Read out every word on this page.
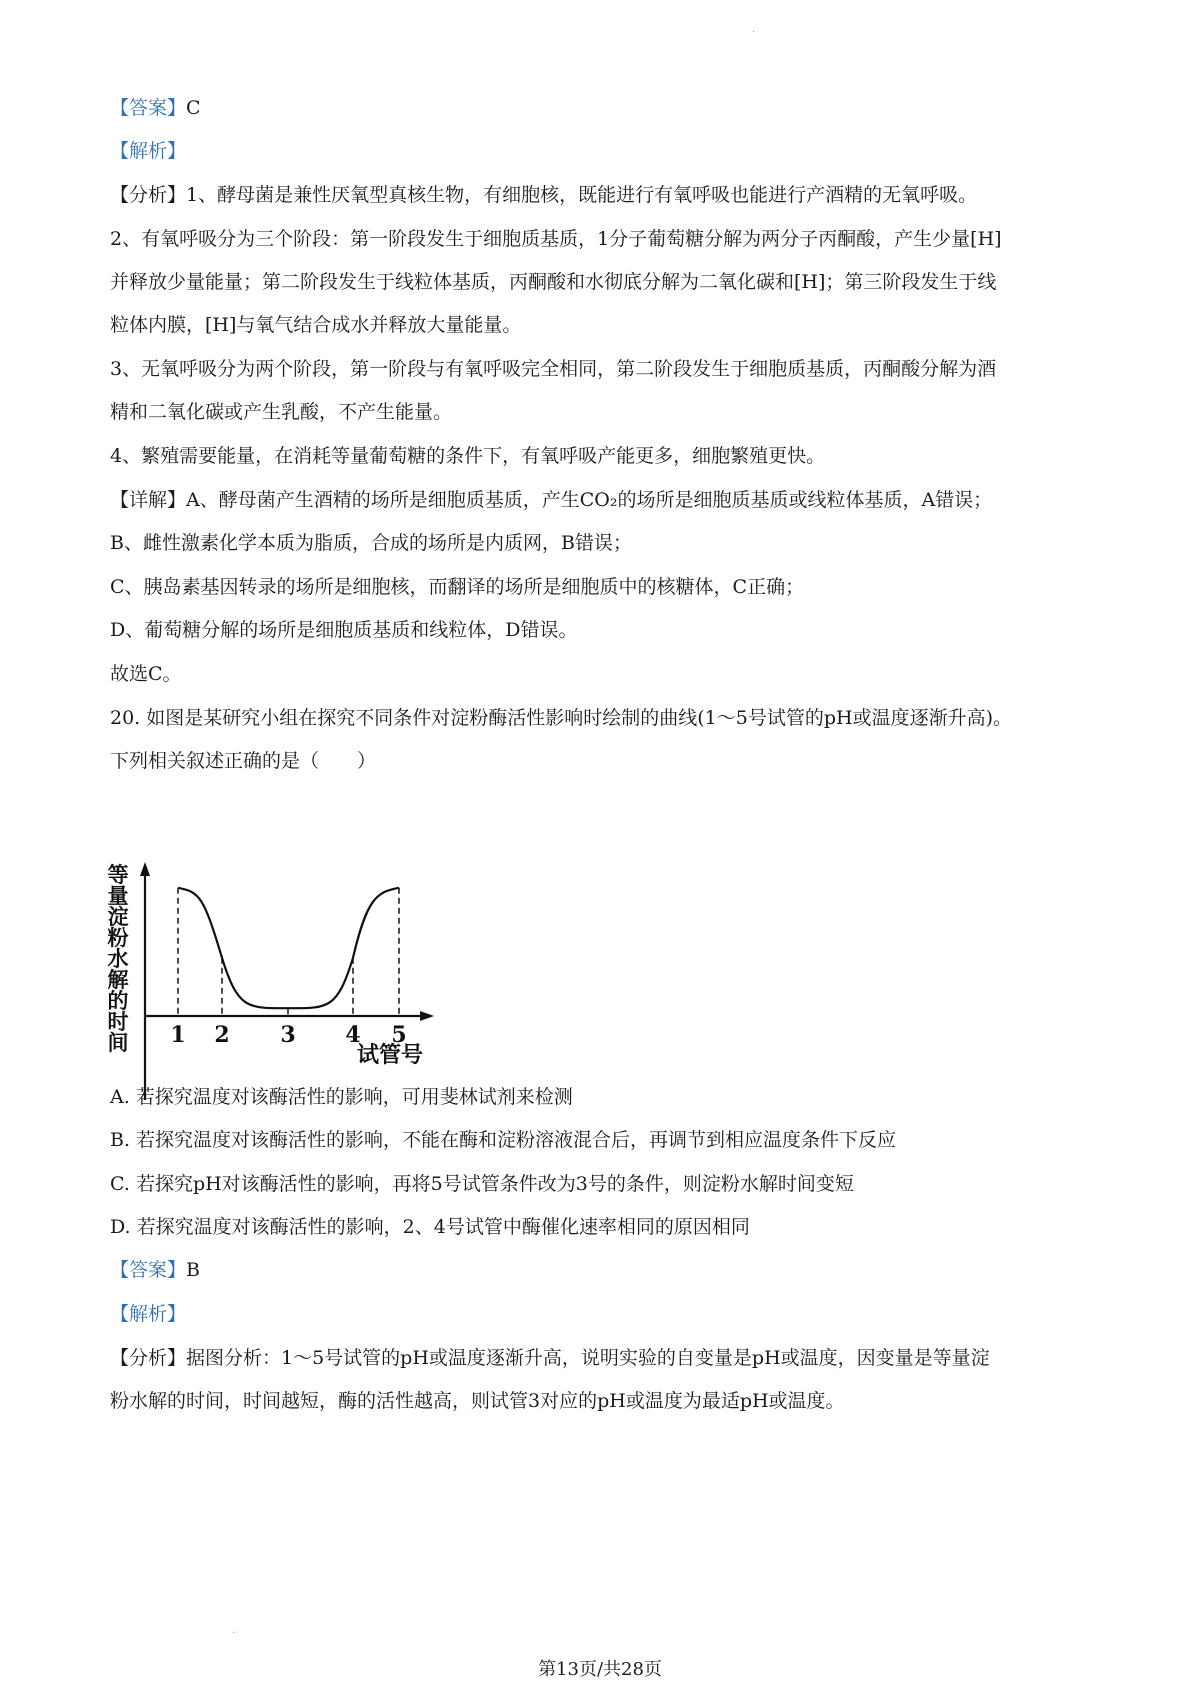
.
【答案】C
【解析】
【分析】1、酵母菌是兼性厌氧型真核生物，有细胞核，既能进行有氧呼吸也能进行产酒精的无氧呼吸。
2、有氧呼吸分为三个阶段：第一阶段发生于细胞质基质，1分子葡萄糖分解为两分子丙酮酸，产生少量[H]
并释放少量能量；第二阶段发生于线粒体基质，丙酮酸和水彻底分解为二氧化碳和[H]；第三阶段发生于线
粒体内膜，[H]与氧气结合成水并释放大量能量。
3、无氧呼吸分为两个阶段，第一阶段与有氧呼吸完全相同，第二阶段发生于细胞质基质，丙酮酸分解为酒
精和二氧化碳或产生乳酸，不产生能量。
4、繁殖需要能量，在消耗等量葡萄糖的条件下，有氧呼吸产能更多，细胞繁殖更快。
【详解】A、酵母菌产生酒精的场所是细胞质基质，产生CO₂的场所是细胞质基质或线粒体基质，A错误；
B、雌性激素化学本质为脂质，合成的场所是内质网，B错误；
C、胰岛素基因转录的场所是细胞核，而翻译的场所是细胞质中的核糖体，C正确；
D、葡萄糖分解的场所是细胞质基质和线粒体，D错误。
故选C。
20. 如图是某研究小组在探究不同条件对淀粉酶活性影响时绘制的曲线(1～5号试管的pH或温度逐渐升高)。
下列相关叙述正确的是（　　）
等
量
淀
粉
水
解
的
时
间 1 2 3 4 5
试管号
A. 若探究温度对该酶活性的影响，可用斐林试剂来检测
B. 若探究温度对该酶活性的影响，不能在酶和淀粉溶液混合后，再调节到相应温度条件下反应
C. 若探究pH对该酶活性的影响，再将5号试管条件改为3号的条件，则淀粉水解时间变短
D. 若探究温度对该酶活性的影响，2、4号试管中酶催化速率相同的原因相同
【答案】B
【解析】
【分析】据图分析：1～5号试管的pH或温度逐渐升高，说明实验的自变量是pH或温度，因变量是等量淀
粉水解的时间，时间越短，酶的活性越高，则试管3对应的pH或温度为最适pH或温度。
.
第13页/共28页
